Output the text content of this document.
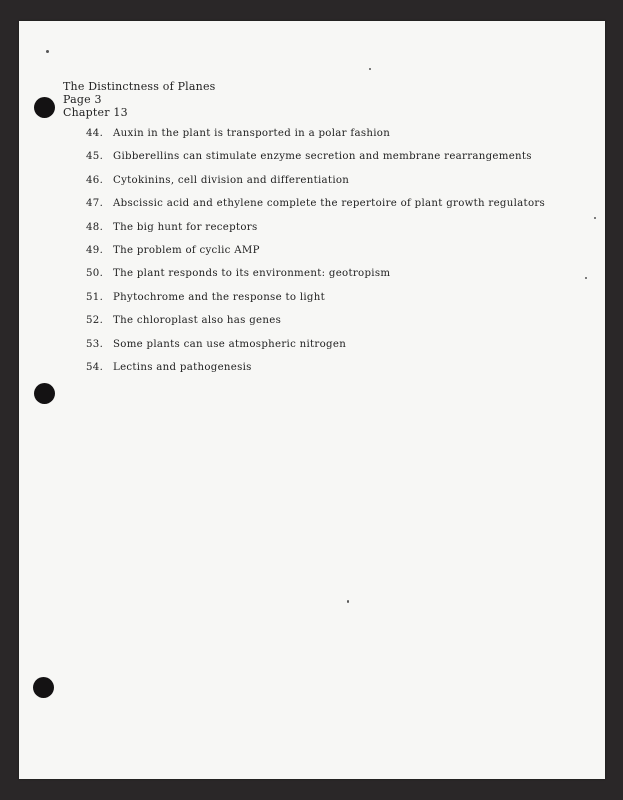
The Distinctness of Planes
Page 3
Chapter 13
44. Auxin in the plant is transported in a polar fashion
45. Gibberellins can stimulate enzyme secretion and membrane rearrangements
46. Cytokinins, cell division and differentiation
47. Abscissic acid and ethylene complete the repertoire of plant growth regulators
48. The big hunt for receptors
49. The problem of cyclic AMP
50. The plant responds to its environment: geotropism
51. Phytochrome and the response to light
52. The chloroplast also has genes
53. Some plants can use atmospheric nitrogen
54. Lectins and pathogenesis
